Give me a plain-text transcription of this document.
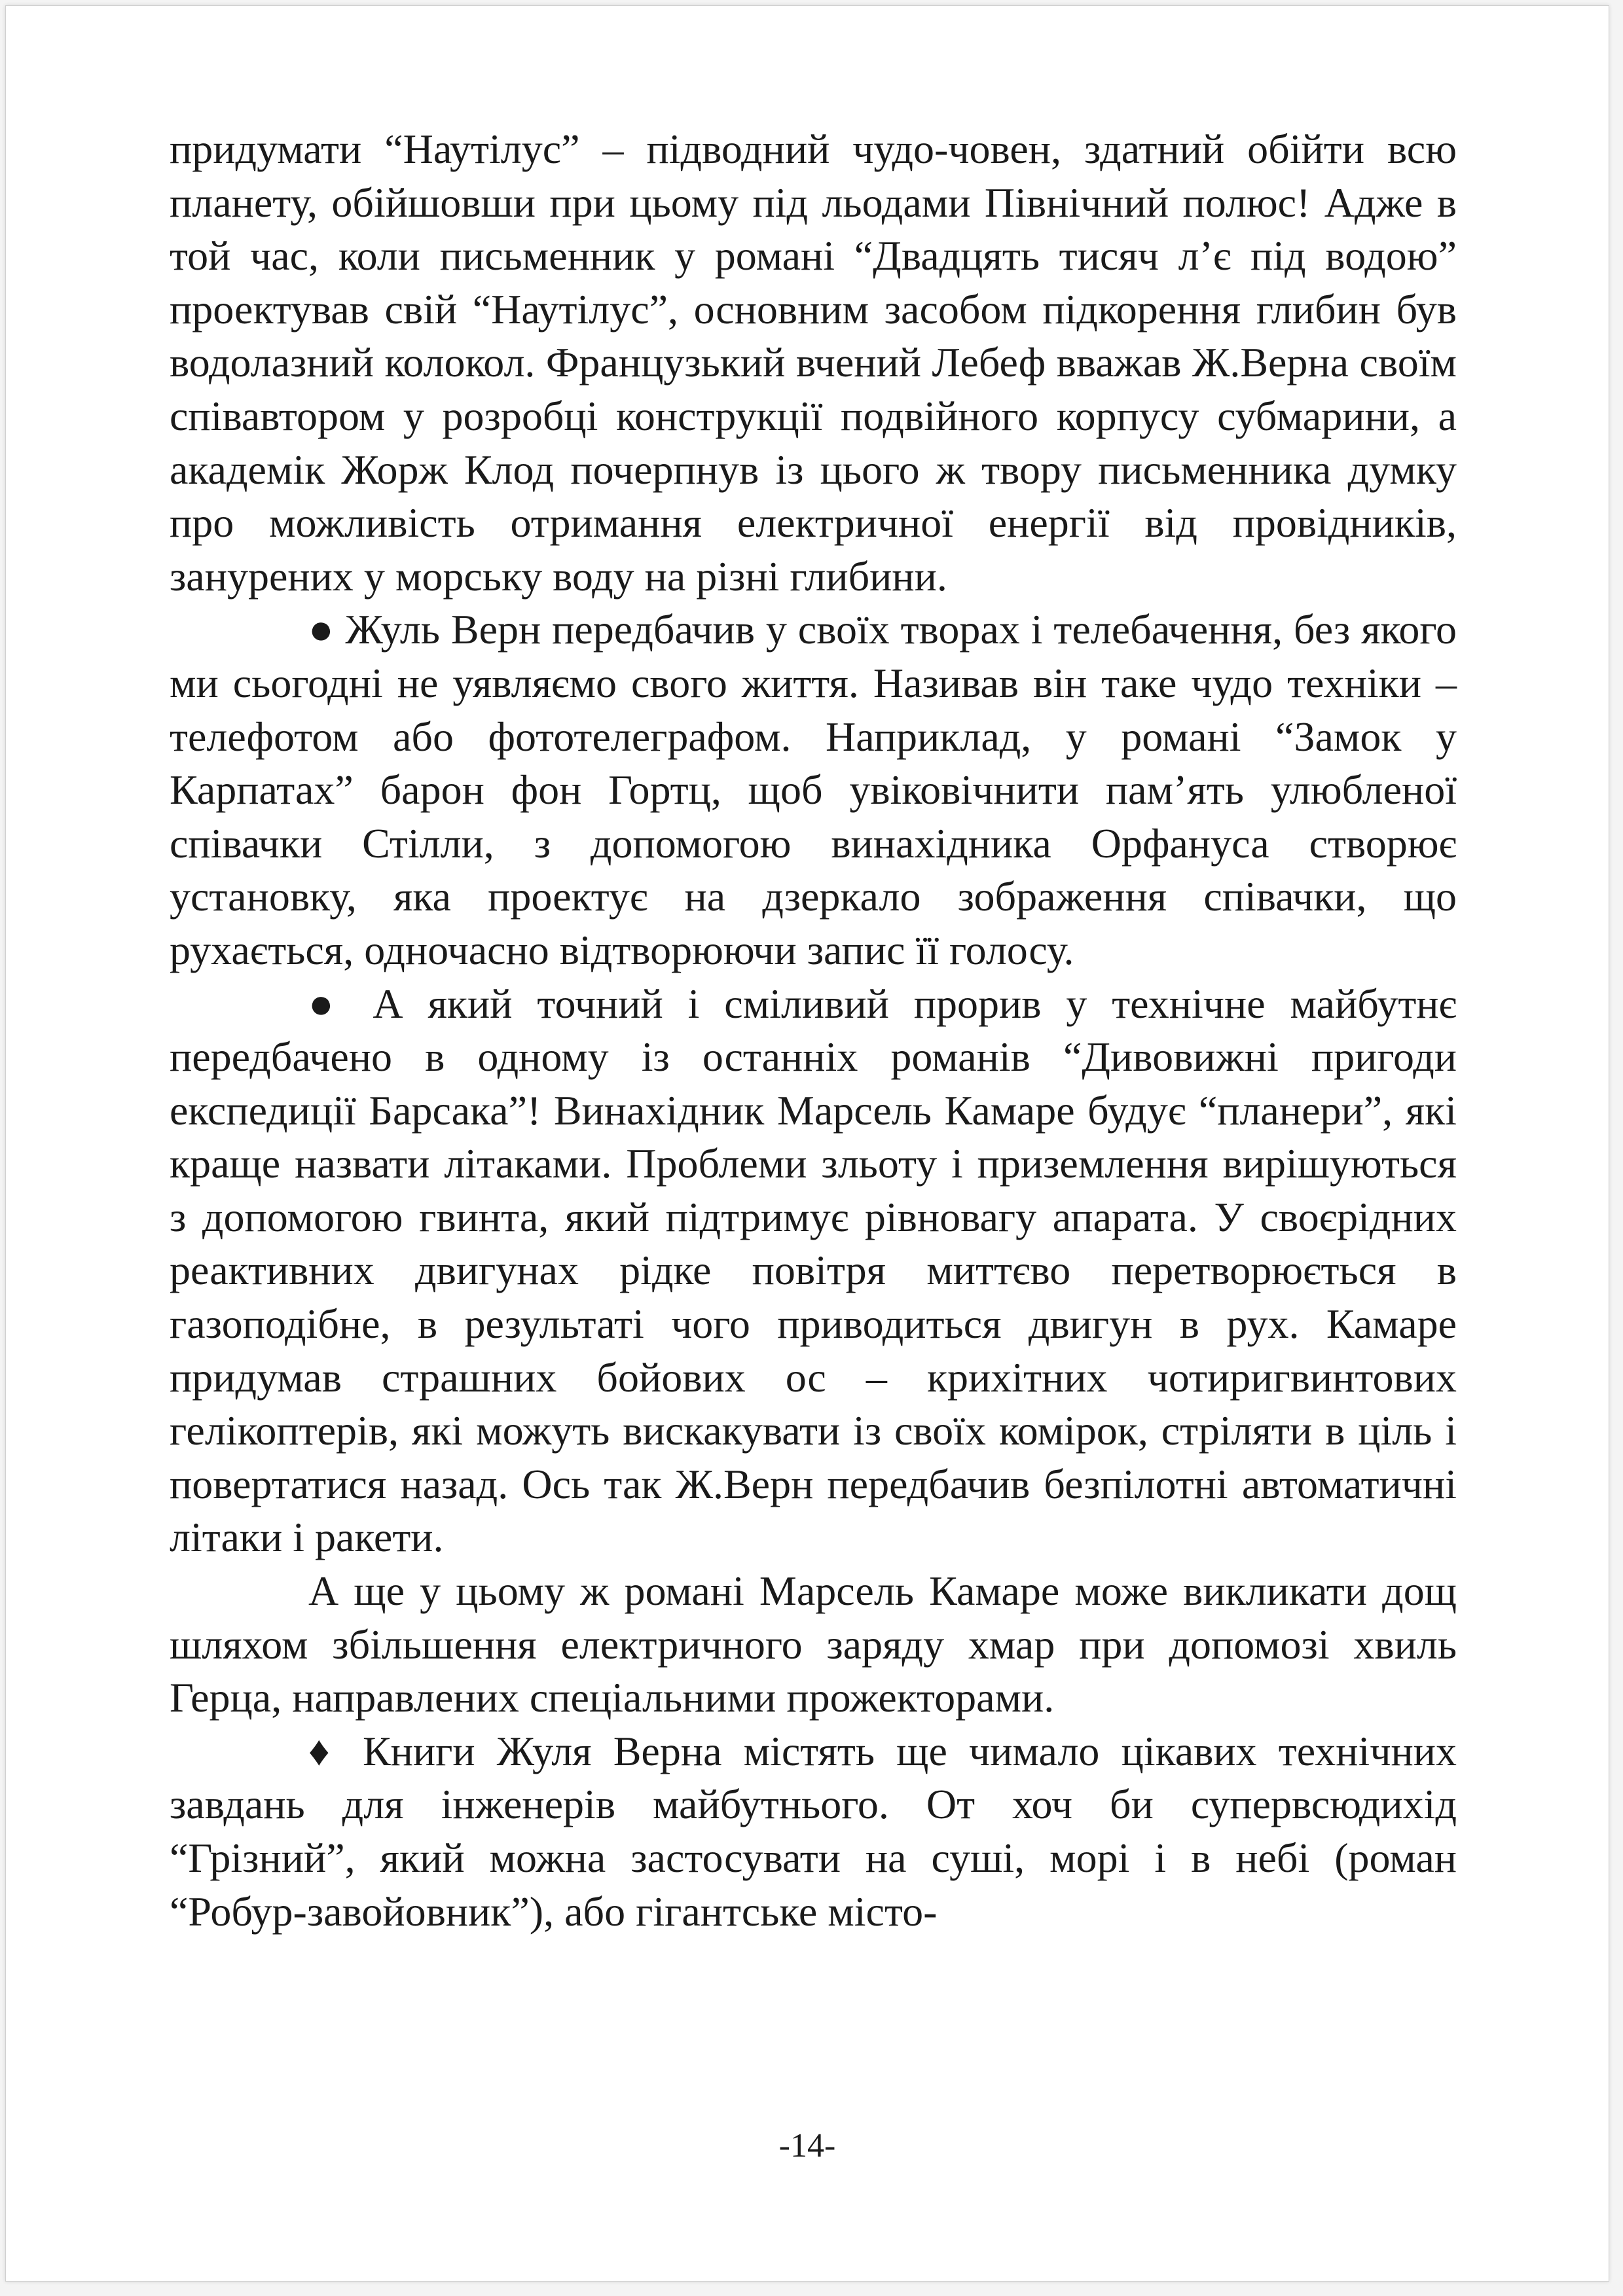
придумати “Наутілус” – підводний чудо-човен, здатний обійти всю планету, обійшовши при цьому під льодами Північний полюс! Адже в той час, коли письменник у романі “Двадцять тисяч л’є під водою” проектував свій “Наутілус”, основним засобом підкорення глибин був водолазний колокол. Французький вчений Лебеф вважав Ж.Верна своїм співавтором у розробці конструкції подвійного корпусу субмарини, а академік Жорж Клод почерпнув із цього ж твору письменника думку про можливість отримання електричної енергії від провідників, занурених у морську воду на різні глибини.

● Жуль Верн передбачив у своїх творах і телебачення, без якого ми сьогодні не уявляємо свого життя. Називав він таке чудо техніки – телефотом або фототелеграфом. Наприклад, у романі “Замок у Карпатах” барон фон Гортц, щоб увіковічнити пам’ять улюбленої співачки Стілли, з допомогою винахідника Орфануса створює установку, яка проектує на дзеркало зображення співачки, що рухається, одночасно відтворюючи запис її голосу.

● А який точний і сміливий прорив у технічне майбутнє передбачено в одному із останніх романів “Дивовижні пригоди експедиції Барсака”! Винахідник Марсель Камаре будує “планери”, які краще назвати літаками. Проблеми зльоту і приземлення вирішуються з допомогою гвинта, який підтримує рівновагу апарата. У своєрідних реактивних двигунах рідке повітря миттєво перетворюється в газоподібне, в результаті чого приводиться двигун в рух. Камаре придумав страшних бойових ос – крихітних чотиригвинтових гелікоптерів, які можуть вискакувати із своїх комірок, стріляти в ціль і повертатися назад. Ось так Ж.Верн передбачив безпілотні автоматичні літаки і ракети.

А ще у цьому ж романі Марсель Камаре може викликати дощ шляхом збільшення електричного заряду хмар при допомозі хвиль Герца, направлених спеціальними прожекторами.

♦ Книги Жуля Верна містять ще чимало цікавих технічних завдань для інженерів майбутнього. От хоч би супервсюдихід “Грізний”, який можна застосувати на суші, морі і в небі (роман “Робур-завойовник”), або гігантське місто-

-14-
